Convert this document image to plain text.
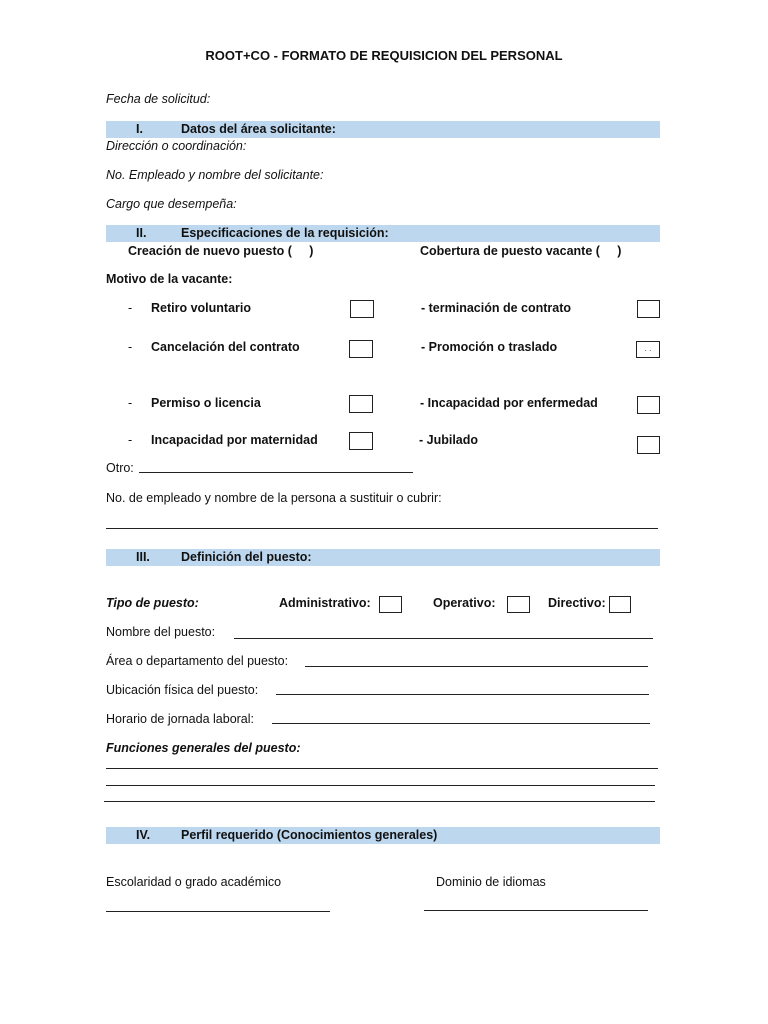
ROOT+CO - FORMATO DE REQUISICION DEL PERSONAL
Fecha de solicitud:
I.	Datos del área solicitante:
Dirección o coordinación:
No. Empleado y nombre del solicitante:
Cargo que desempeña:
II.	Especificaciones de la requisición:
Creación de nuevo puesto (     )	Cobertura de puesto vacante (     )
Motivo de la vacante:
- Retiro voluntario	- terminación de contrato
- Cancelación del contrato	- Promoción o traslado	. .
- Permiso o licencia	- Incapacidad por enfermedad
- Incapacidad por maternidad	- Jubilado
Otro:
No. de empleado y nombre de la persona a sustituir o cubrir:
III. Definición del puesto:
Tipo de puesto:	Administrativo:	Operativo:	Directivo:
Nombre del puesto:
Área o departamento del puesto:
Ubicación física del puesto:
Horario de jornada laboral:
Funciones generales del puesto:
IV. Perfil requerido (Conocimientos generales)
Escolaridad o grado académico	Dominio de idiomas
